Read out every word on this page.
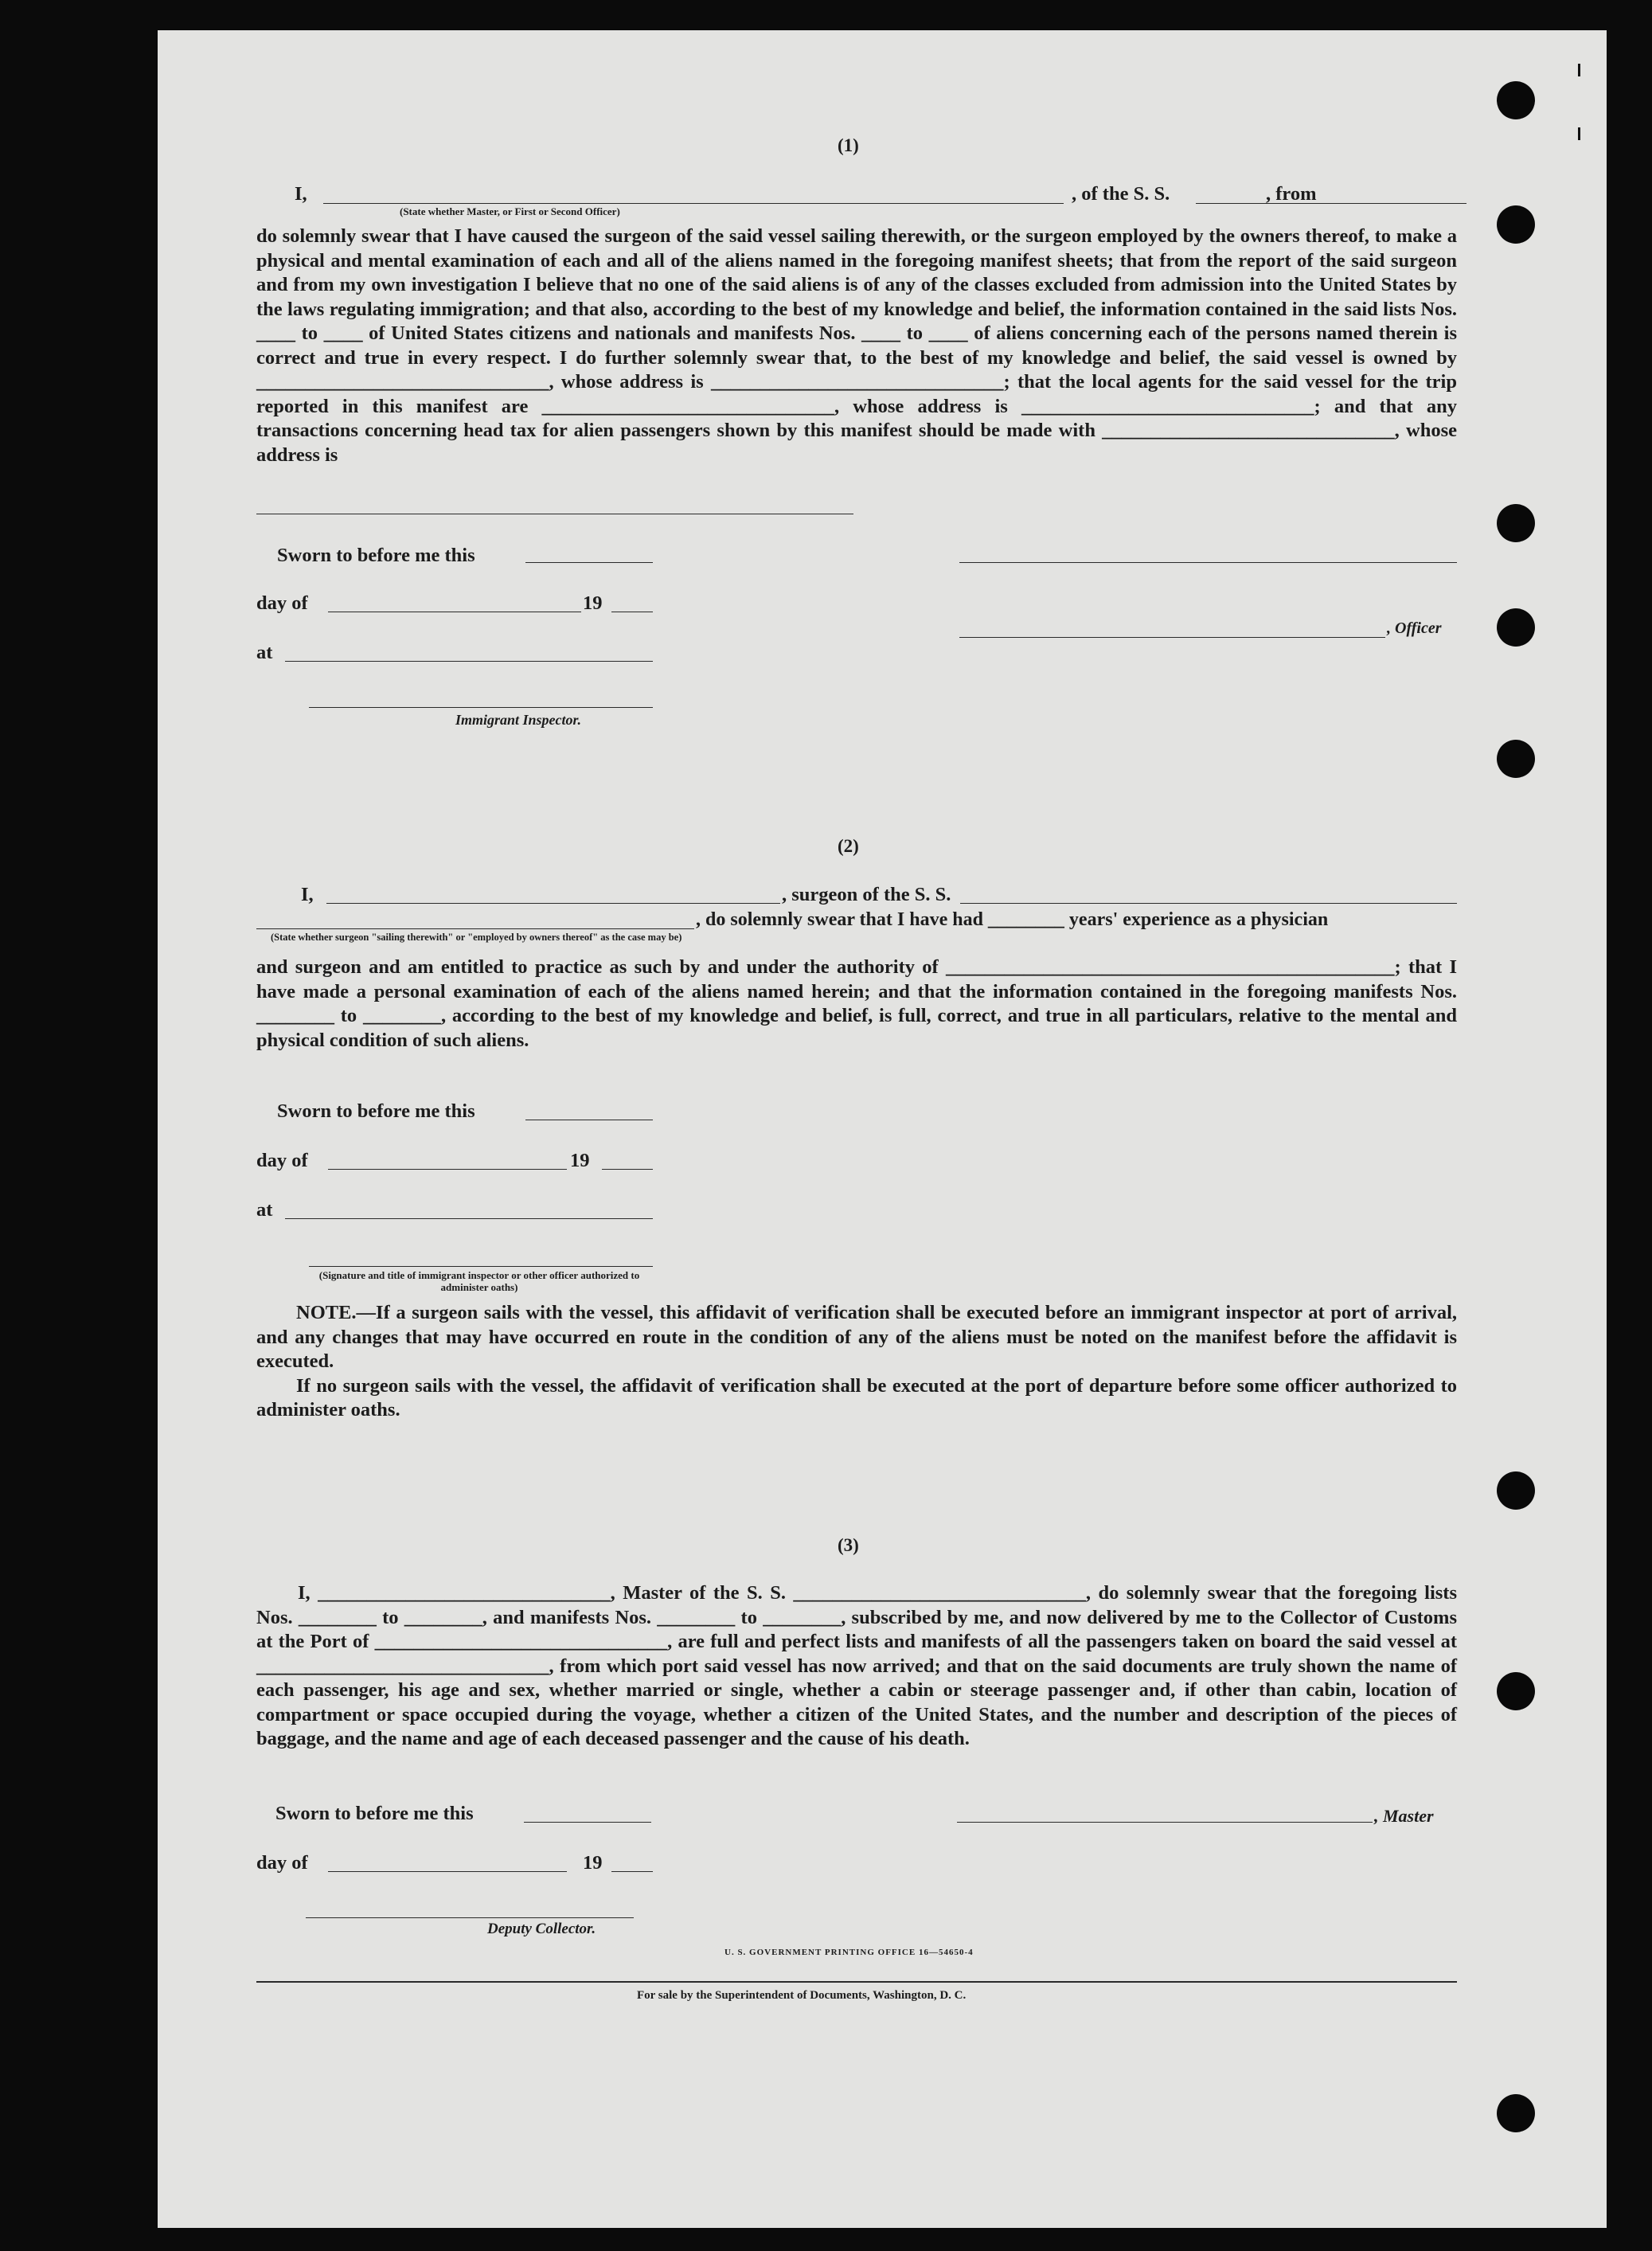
(1)
I,	, of the S. S.	, from
(State whether Master, or First or Second Officer)

do solemnly swear that I have caused the surgeon of the said vessel sailing therewith, or the surgeon employed by the owners thereof, to make a physical and mental examination of each and all of the aliens named in the foregoing manifest sheets; that from the report of the said surgeon and from my own investigation I believe that no one of the said aliens is of any of the classes excluded from admission into the United States by the laws regulating immigration; and that also, according to the best of my knowledge and belief, the information contained in the said lists Nos. ____ to ____ of United States citizens and nationals and manifests Nos. ____ to ____ of aliens concerning each of the persons named therein is correct and true in every respect. I do further solemnly swear that, to the best of my knowledge and belief, the said vessel is owned by ______________________________, whose address is ______________________________; that the local agents for the said vessel for the trip reported in this manifest are ______________________________, whose address is ______________________________; and that any transactions concerning head tax for alien passengers shown by this manifest should be made with ______________________________, whose address is

Sworn to before me this
day of	19
, Officer
at
Immigrant Inspector.
(2)
I,	, surgeon of the S. S.
, do solemnly swear that I have had ________ years' experience as a physician
(State whether surgeon "sailing therewith" or "employed by owners thereof" as the case may be)

and surgeon and am entitled to practice as such by and under the authority of ______________________________________________; that I have made a personal examination of each of the aliens named herein; and that the information contained in the foregoing manifests Nos. ________ to ________, according to the best of my knowledge and belief, is full, correct, and true in all particulars, relative to the mental and physical condition of such aliens.

Sworn to before me this
day of	19
at
(Signature and title of immigrant inspector or other officer authorized to administer oaths)

NOTE.—If a surgeon sails with the vessel, this affidavit of verification shall be executed before an immigrant inspector at port of arrival, and any changes that may have occurred en route in the condition of any of the aliens must be noted on the manifest before the affidavit is executed.

If no surgeon sails with the vessel, the affidavit of verification shall be executed at the port of departure before some officer authorized to administer oaths.

(3)

I, ______________________________, Master of the S. S. ______________________________, do solemnly swear that the foregoing lists Nos. ________ to ________, and manifests Nos. ________ to ________, subscribed by me, and now delivered by me to the Collector of Customs at the Port of ______________________________, are full and perfect lists and manifests of all the passengers taken on board the said vessel at ______________________________, from which port said vessel has now arrived; and that on the said documents are truly shown the name of each passenger, his age and sex, whether married or single, whether a cabin or steerage passenger and, if other than cabin, location of compartment or space occupied during the voyage, whether a citizen of the United States, and the number and description of the pieces of baggage, and the name and age of each deceased passenger and the cause of his death.

Sworn to before me this	, Master
day of	19
Deputy Collector.
U. S. GOVERNMENT PRINTING OFFICE 16—54650-4
For sale by the Superintendent of Documents, Washington, D. C.
